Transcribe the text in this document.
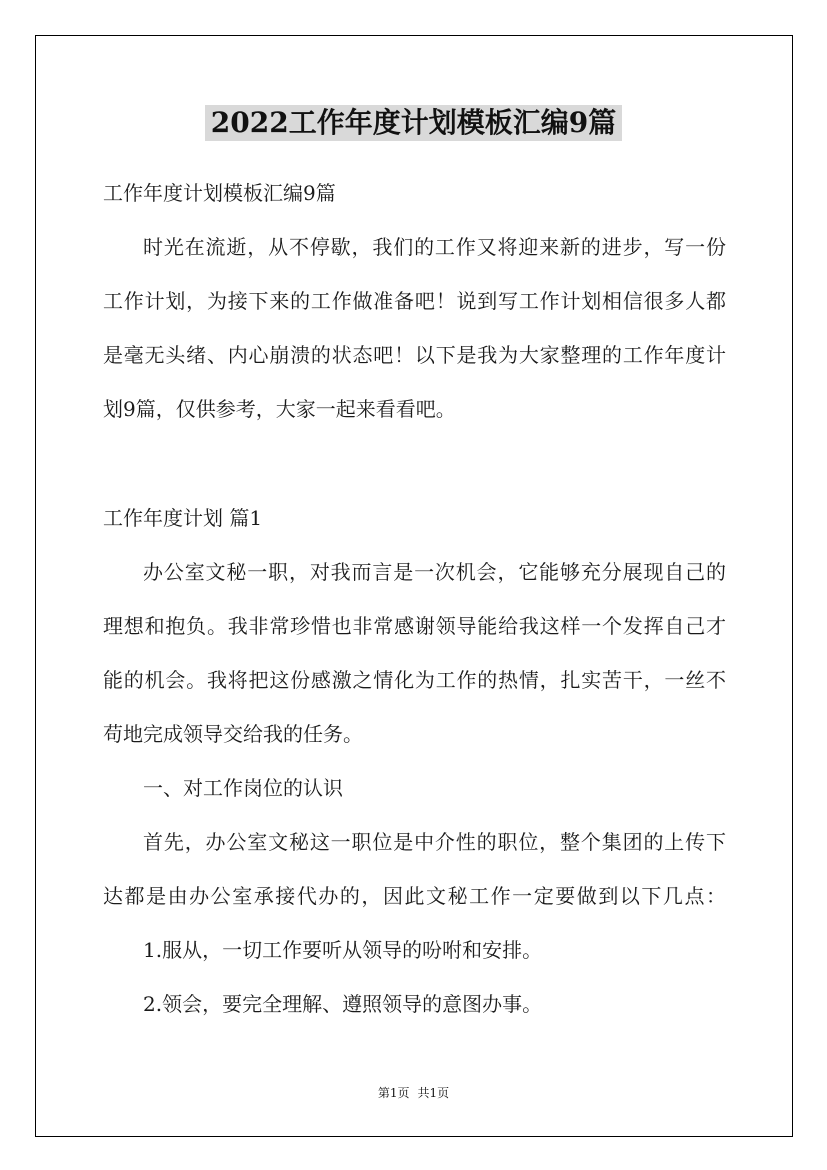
2022工作年度计划模板汇编9篇
工作年度计划模板汇编9篇
时光在流逝，从不停歇，我们的工作又将迎来新的进步，写一份
工作计划，为接下来的工作做准备吧！说到写工作计划相信很多人都
是毫无头绪、内心崩溃的状态吧！以下是我为大家整理的工作年度计
划9篇，仅供参考，大家一起来看看吧。
工作年度计划 篇1
办公室文秘一职，对我而言是一次机会，它能够充分展现自己的
理想和抱负。我非常珍惜也非常感谢领导能给我这样一个发挥自己才
能的机会。我将把这份感激之情化为工作的热情，扎实苦干，一丝不
苟地完成领导交给我的任务。
一、对工作岗位的认识
首先，办公室文秘这一职位是中介性的职位，整个集团的上传下
达都是由办公室承接代办的，因此文秘工作一定要做到以下几点：
1.服从，一切工作要听从领导的吩咐和安排。
2.领会，要完全理解、遵照领导的意图办事。
第1页 共1页
